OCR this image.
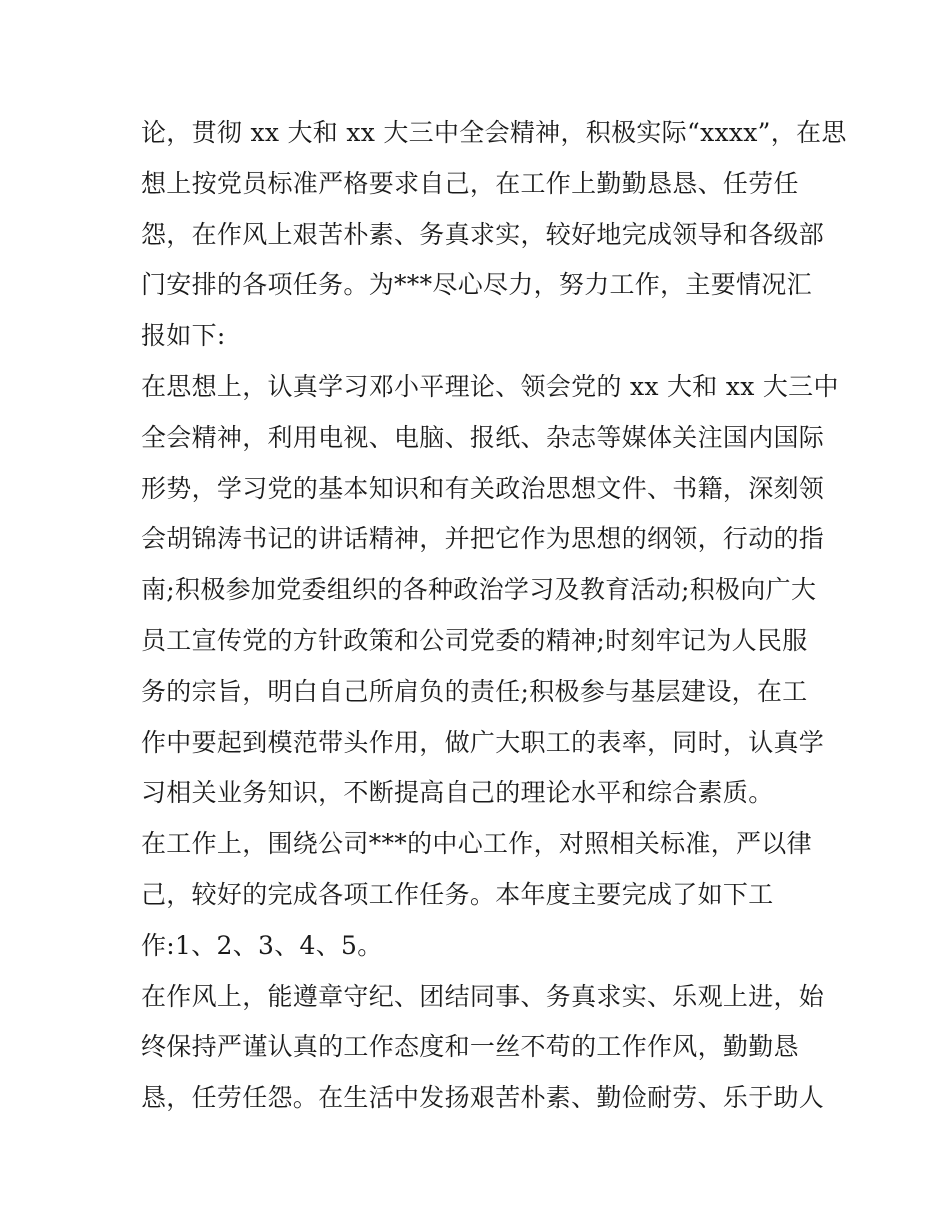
论，贯彻 xx 大和 xx 大三中全会精神，积极实际“xxxx”，在思
想上按党员标准严格要求自己，在工作上勤勤恳恳、任劳任
怨，在作风上艰苦朴素、务真求实，较好地完成领导和各级部
门安排的各项任务。为***尽心尽力，努力工作，主要情况汇
报如下:
在思想上，认真学习邓小平理论、领会党的 xx 大和 xx 大三中
全会精神，利用电视、电脑、报纸、杂志等媒体关注国内国际
形势，学习党的基本知识和有关政治思想文件、书籍，深刻领
会胡锦涛书记的讲话精神，并把它作为思想的纲领，行动的指
南;积极参加党委组织的各种政治学习及教育活动;积极向广大
员工宣传党的方针政策和公司党委的精神;时刻牢记为人民服
务的宗旨，明白自己所肩负的责任;积极参与基层建设，在工
作中要起到模范带头作用，做广大职工的表率，同时，认真学
习相关业务知识，不断提高自己的理论水平和综合素质。
在工作上，围绕公司***的中心工作，对照相关标准，严以律
己，较好的完成各项工作任务。本年度主要完成了如下工
作:1、2、3、4、5。
在作风上，能遵章守纪、团结同事、务真求实、乐观上进，始
终保持严谨认真的工作态度和一丝不苟的工作作风，勤勤恳
恳，任劳任怨。在生活中发扬艰苦朴素、勤俭耐劳、乐于助人
